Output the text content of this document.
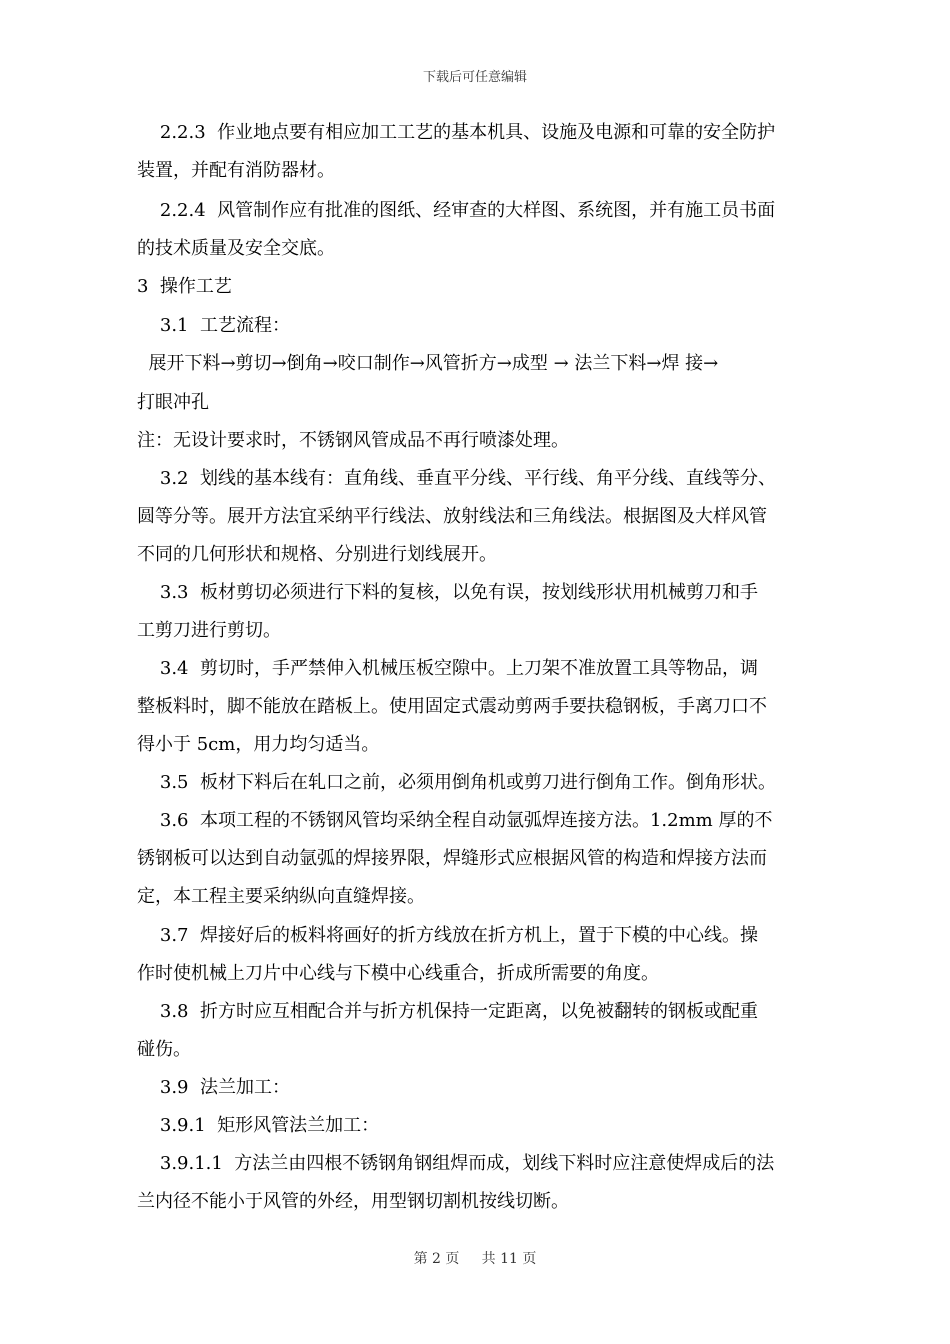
下载后可任意编辑
2.2.3  作业地点要有相应加工工艺的基本机具、设施及电源和可靠的安全防护
装置，并配有消防器材。
2.2.4  风管制作应有批准的图纸、经审查的大样图、系统图，并有施工员书面
的技术质量及安全交底。
3  操作工艺
3.1  工艺流程：
展开下料→剪切→倒角→咬口制作→风管折方→成型 → 法兰下料→焊 接→
打眼冲孔
注：无设计要求时，不锈钢风管成品不再行喷漆处理。
3.2  划线的基本线有：直角线、垂直平分线、平行线、角平分线、直线等分、
圆等分等。展开方法宜采纳平行线法、放射线法和三角线法。根据图及大样风管
不同的几何形状和规格、分别进行划线展开。
3.3  板材剪切必须进行下料的复核，以免有误，按划线形状用机械剪刀和手
工剪刀进行剪切。
3.4  剪切时，手严禁伸入机械压板空隙中。上刀架不准放置工具等物品，调
整板料时，脚不能放在踏板上。使用固定式震动剪两手要扶稳钢板，手离刀口不
得小于 5cm，用力均匀适当。
3.5  板材下料后在轧口之前，必须用倒角机或剪刀进行倒角工作。倒角形状。
3.6  本项工程的不锈钢风管均采纳全程自动氩弧焊连接方法。1.2mm 厚的不
锈钢板可以达到自动氩弧的焊接界限，焊缝形式应根据风管的构造和焊接方法而
定，本工程主要采纳纵向直缝焊接。
3.7  焊接好后的板料将画好的折方线放在折方机上，置于下模的中心线。操
作时使机械上刀片中心线与下模中心线重合，折成所需要的角度。
3.8  折方时应互相配合并与折方机保持一定距离，以免被翻转的钢板或配重
碰伤。
3.9  法兰加工：
3.9.1  矩形风管法兰加工：
3.9.1.1  方法兰由四根不锈钢角钢组焊而成，划线下料时应注意使焊成后的法
兰内径不能小于风管的外经，用型钢切割机按线切断。
第 2 页     共 11 页
